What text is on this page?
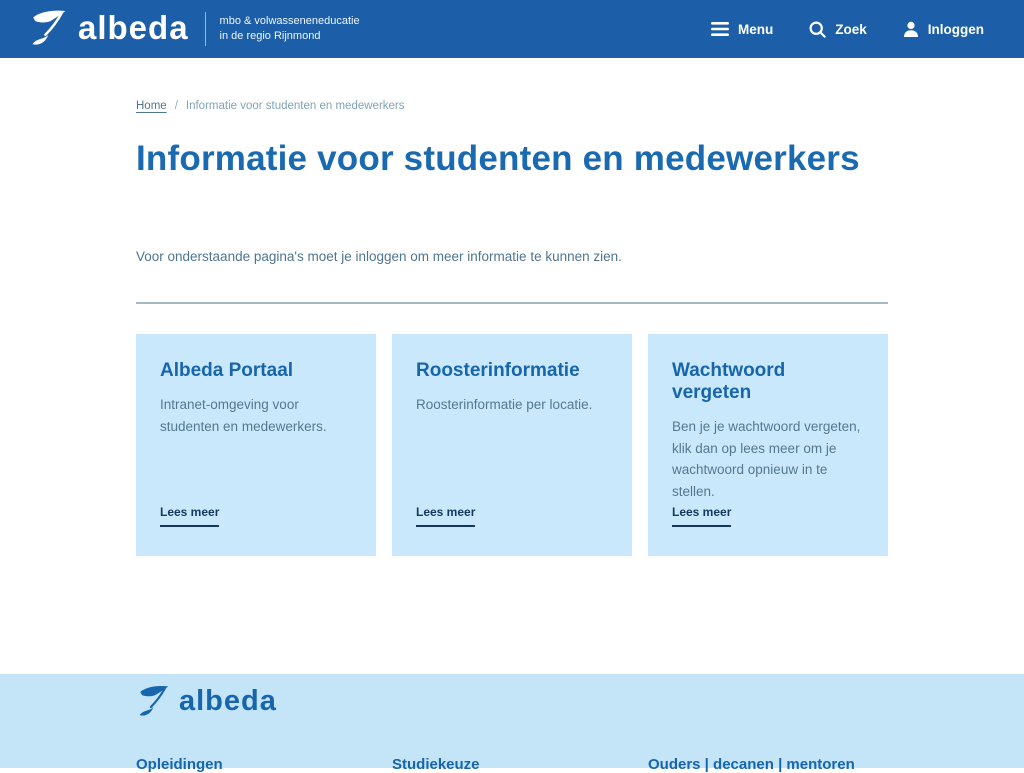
albeda	mbo & volwasseneneducatie
in de regio Rijnmond	Menu	Zoek	Inloggen
Home / Informatie voor studenten en medewerkers
Informatie voor studenten en medewerkers

Voor onderstaande pagina's moet je inloggen om meer informatie te kunnen zien.

Albeda Portaal
Intranet-omgeving voor studenten en medewerkers.
Lees meer
Roosterinformatie
Roosterinformatie per locatie.
Lees meer
Wachtwoord vergeten
Ben je je wachtwoord vergeten, klik dan op lees meer om je wachtwoord opnieuw in te stellen.
Lees meer
albeda
Opleidingen	Studiekeuze	Ouders | decanen | mentoren
